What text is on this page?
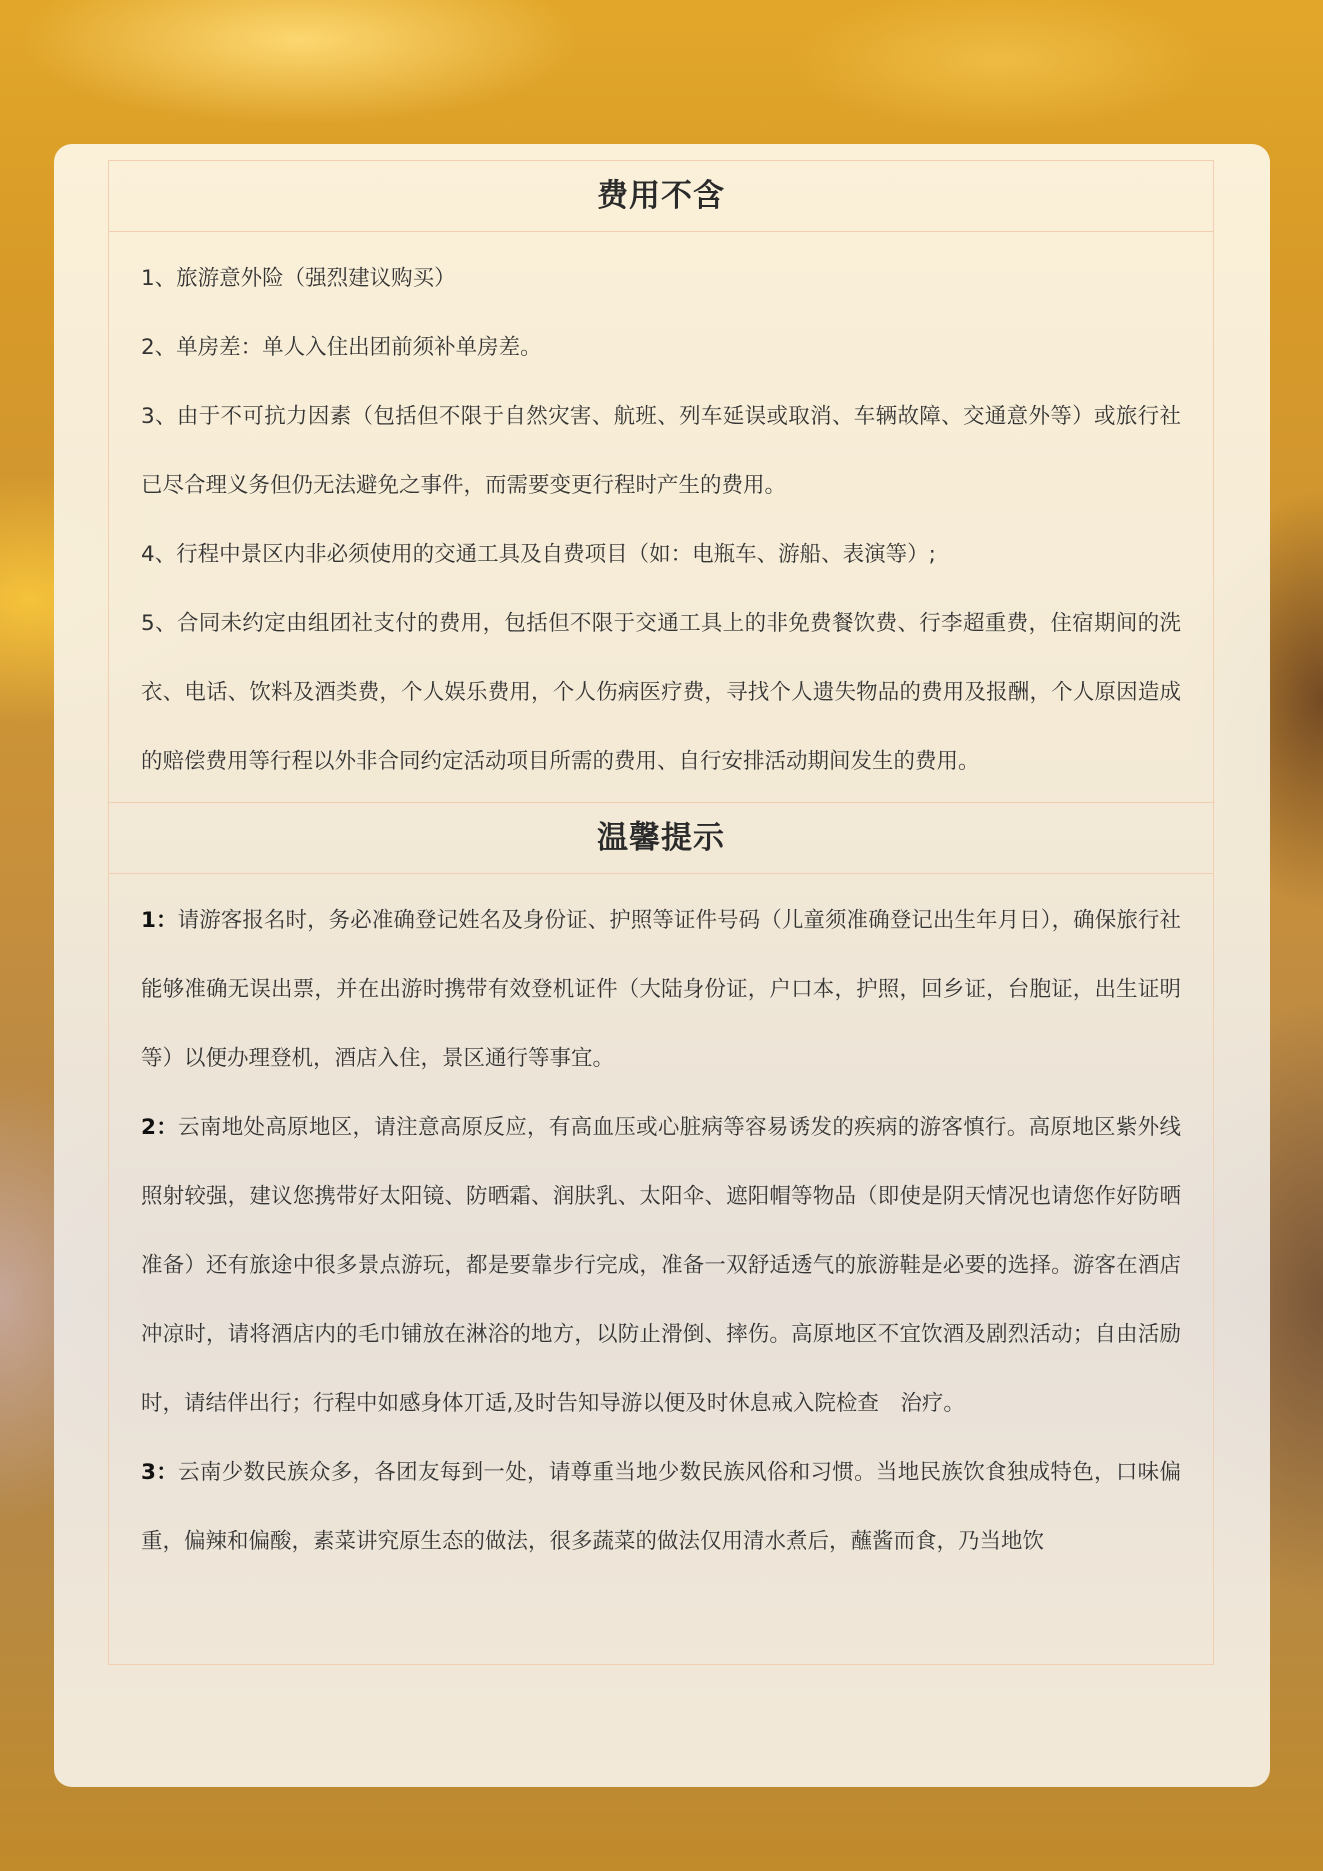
费用不含

1、旅游意外险（强烈建议购买）

2、单房差：单人入住出团前须补单房差。

3、由于不可抗力因素（包括但不限于自然灾害、航班、列车延误或取消、车辆故障、交通意外等）或旅行社已尽合理义务但仍无法避免之事件，而需要变更行程时产生的费用。

4、行程中景区内非必须使用的交通工具及自费项目（如：电瓶车、游船、表演等）;

5、合同未约定由组团社支付的费用，包括但不限于交通工具上的非免费餐饮费、行李超重费，住宿期间的洗衣、电话、饮料及酒类费，个人娱乐费用，个人伤病医疗费，寻找个人遗失物品的费用及报酬，个人原因造成的赔偿费用等行程以外非合同约定活动项目所需的费用、自行安排活动期间发生的费用。

温馨提示

1：请游客报名时，务必准确登记姓名及身份证、护照等证件号码（儿童须准确登记出生年月日），确保旅行社能够准确无误出票，并在出游时携带有效登机证件（大陆身份证，户口本，护照，回乡证，台胞证，出生证明等）以便办理登机，酒店入住，景区通行等事宜。

2：云南地处高原地区，请注意高原反应，有高血压或心脏病等容易诱发的疾病的游客慎行。高原地区紫外线照射较强，建议您携带好太阳镜、防晒霜、润肤乳、太阳伞、遮阳帽等物品（即使是阴天情况也请您作好防晒准备）还有旅途中很多景点游玩，都是要靠步行完成，准备一双舒适透气的旅游鞋是必要的选择。游客在酒店冲凉时，请将酒店内的毛巾铺放在淋浴的地方，以防止滑倒、摔伤。高原地区不宜饮酒及剧烈活动；自由活励时，请结伴出行；行程中如感身体丌适,及时告知导游以便及时休息戒入院检查　治疗。

3：云南少数民族众多，各团友每到一处，请尊重当地少数民族风俗和习惯。当地民族饮食独成特色，口味偏重，偏辣和偏酸，素菜讲究原生态的做法，很多蔬菜的做法仅用清水煮后，蘸酱而食，乃当地饮
